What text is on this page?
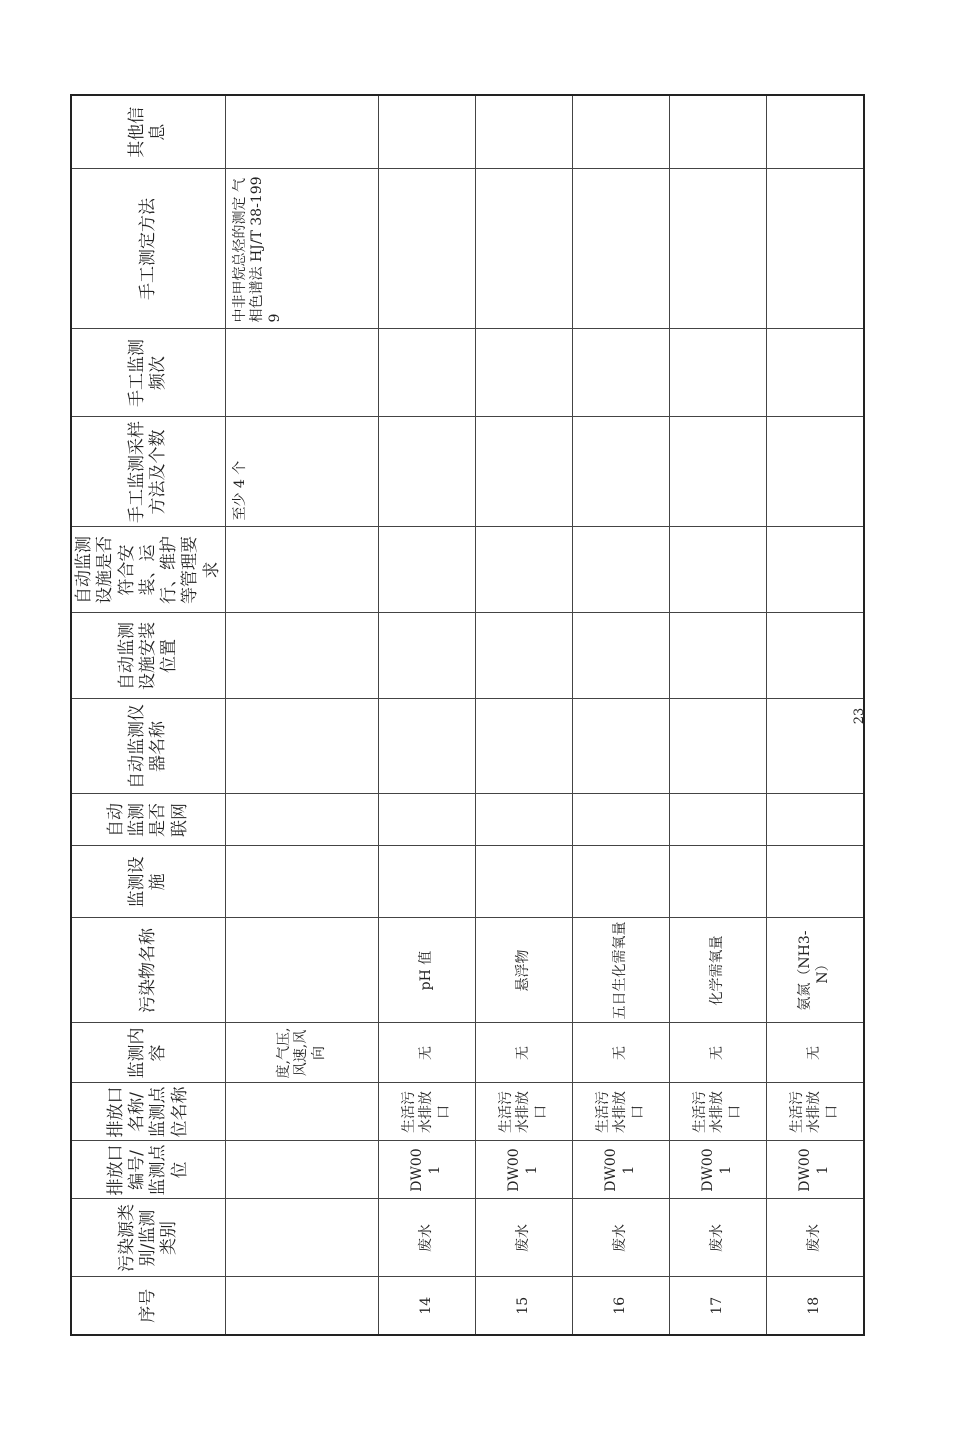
序号	污染源类别/监测类别	排放口编号/监测点位	排放口名称/监测点位名称	监测内容	污染物名称	监测设施	自动监测是否联网	自动监测仪器名称	自动监测设施安装位置	自动监测设施是否符合安装、运行、维护等管理要求	手工监测采样方法及个数	手工监测频次	手工测定方法	其他信息
				度,气压,风速,风向							至少 4 个		中非甲烷总烃的测定 气相色谱法 HJ/T 38-1999	
14	废水	DW001	生活污水排放口	无	pH 值									
15	废水	DW001	生活污水排放口	无	悬浮物									
16	废水	DW001	生活污水排放口	无	五日生化需氧量									
17	废水	DW001	生活污水排放口	无	化学需氧量									
18	废水	DW001	生活污水排放口	无	氨氮（NH3-N）									
23
